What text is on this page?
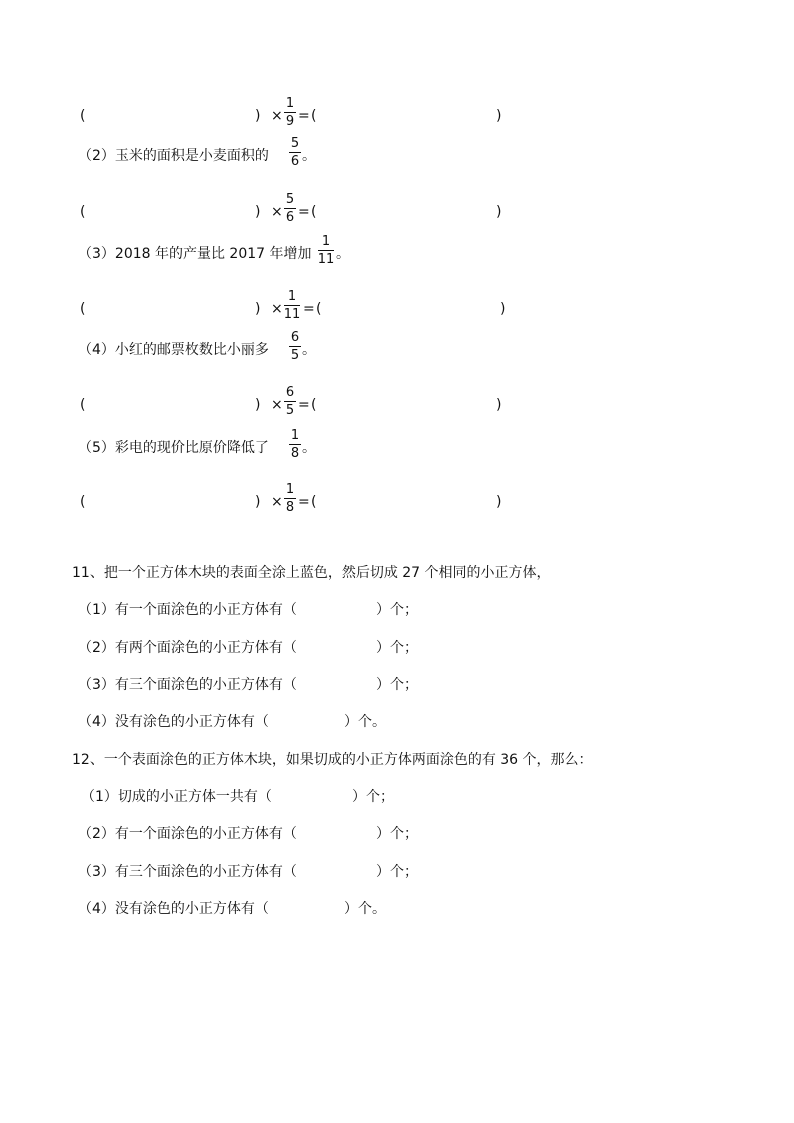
(	) ×
1
9 = (	)
（2）玉米的面积是小麦面积的
5
6 。
(	) ×
5
6 = (	)
（3）2018 年的产量比 2017 年增加
1
11 。
(	) ×
1
11 = (	)
（4）小红的邮票枚数比小丽多
6
5 。
(	) ×
6
5 = (	)
（5）彩电的现价比原价降低了
1
8 。
(	) ×
1
8 = (	)
11、把一个正方体木块的表面全涂上蓝色，然后切成 27 个相同的小正方体，
（1）有一个面涂色的小正方体有（	）个；
（2）有两个面涂色的小正方体有（	）个；
（3）有三个面涂色的小正方体有（	）个；
（4）没有涂色的小正方体有（	）个。
12、一个表面涂色的正方体木块，如果切成的小正方体两面涂色的有 36 个，那么：
（1）切成的小正方体一共有（	）个；
（2）有一个面涂色的小正方体有（	）个；
（3）有三个面涂色的小正方体有（	）个；
（4）没有涂色的小正方体有（	）个。
